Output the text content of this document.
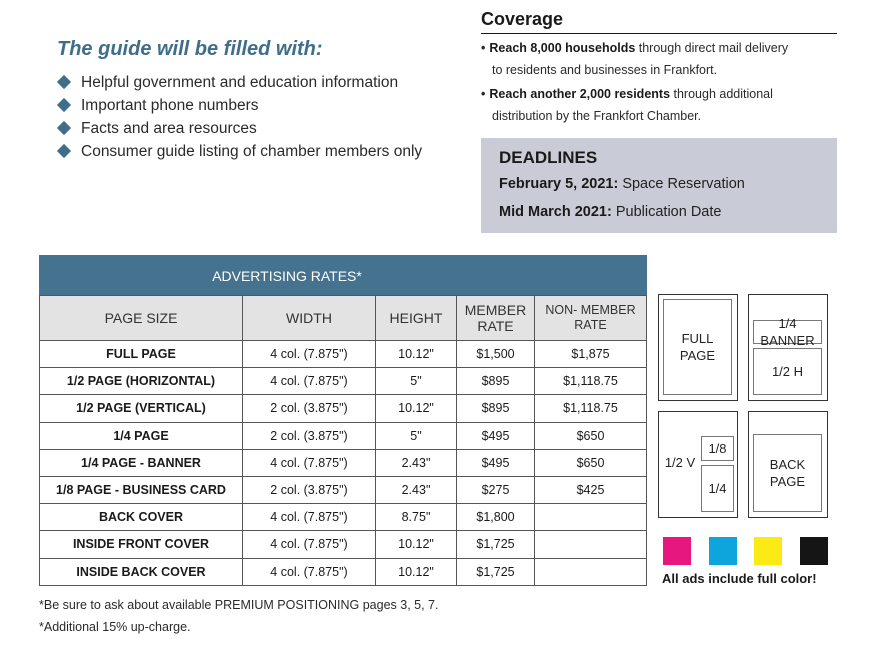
The guide will be filled with:
Helpful government and education information
Important phone numbers
Facts and area resources
Consumer guide listing of chamber members only
Coverage
• Reach 8,000 households through direct mail delivery
to residents and businesses in Frankfort.
• Reach another 2,000 residents through additional
distribution by the Frankfort Chamber.
DEADLINES
February 5, 2021: Space Reservation
Mid March 2021: Publication Date
ADVERTISING RATES*				
PAGE SIZE	WIDTH	HEIGHT	MEMBER RATE	NON- MEMBER RATE
FULL PAGE	4 col. (7.875")	10.12"	$1,500	$1,875
1/2 PAGE (HORIZONTAL)	4 col. (7.875")	5"	$895	$1,118.75
1/2 PAGE (VERTICAL)	2 col. (3.875")	10.12"	$895	$1,118.75
1/4 PAGE	2 col. (3.875")	5"	$495	$650
1/4 PAGE - BANNER	4 col. (7.875")	2.43"	$495	$650
1/8 PAGE - BUSINESS CARD	2 col. (3.875")	2.43"	$275	$425
BACK COVER	4 col. (7.875")	8.75"	$1,800	
INSIDE FRONT COVER	4 col. (7.875")	10.12"	$1,725	
INSIDE BACK COVER	4 col. (7.875")	10.12"	$1,725	
FULL PAGE
1/4 BANNER
1/2 H
1/2 V
1/8
1/4
BACK PAGE
All ads include full color!
*Be sure to ask about available PREMIUM POSITIONING pages 3, 5, 7.
*Additional 15% up-charge.
